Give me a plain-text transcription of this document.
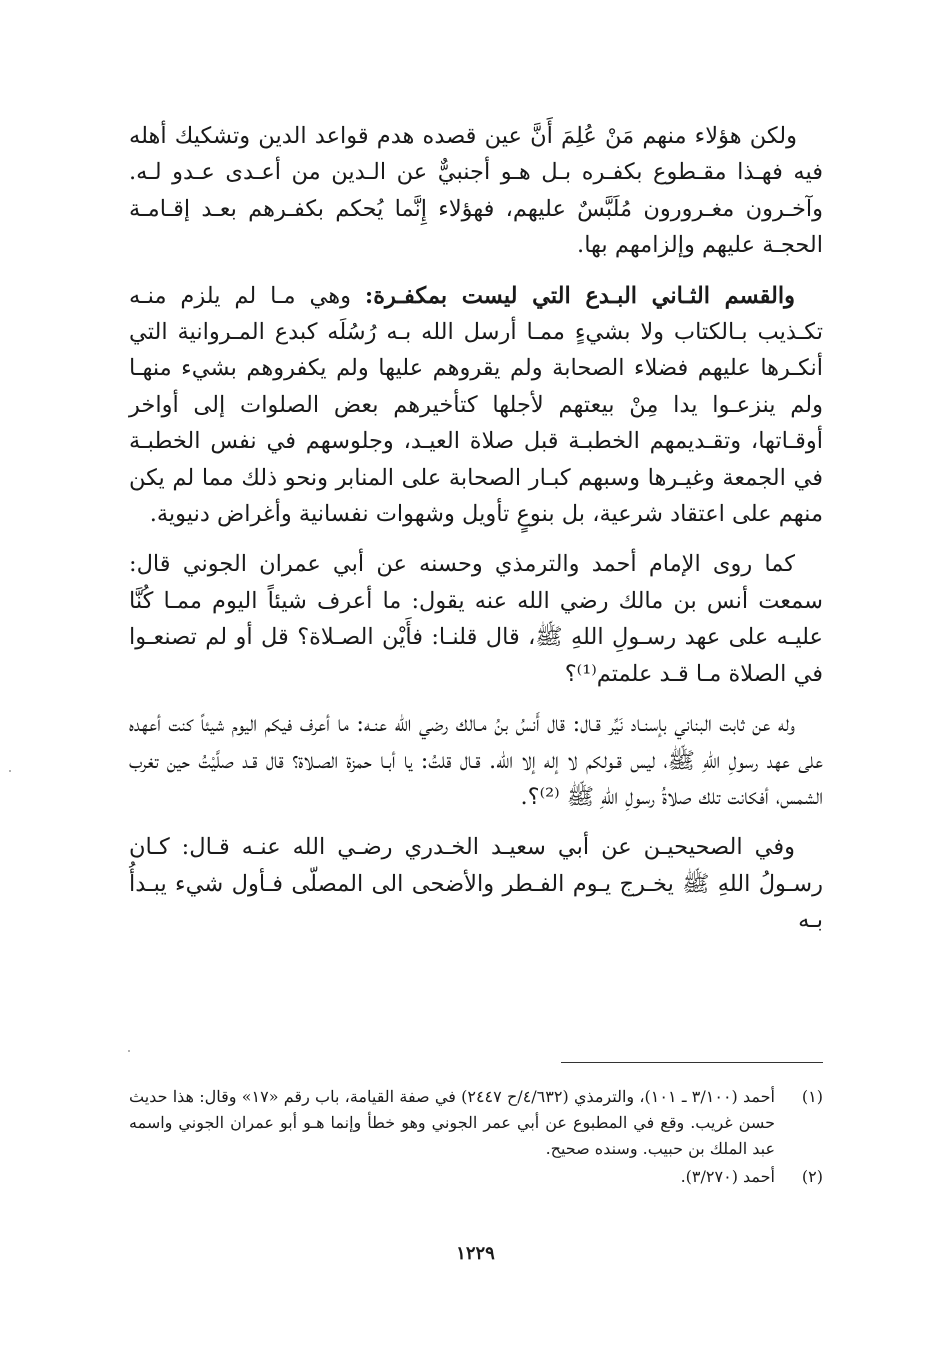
ولكن هؤلاء منهم مَنْ عُلِمَ أَنَّ عين قصده هدم قواعد الدين وتشكيك أهله فيه فهـذا مقـطوع بكفـره بـل هـو أجنبيٌّ عن الـدين من أعـدى عـدو لـه. وآخـرون مغـرورون مُلَبَّسٌ عليهم، فهؤلاء إِنَّما يُحكم بكفـرهم بعـد إقـامـة الحجـة عليهم وإلزامهم بها.

والقسم الثـاني البـدع التي ليست بمكفـرة: وهي مـا لم يلزم منـه تكـذيب بـالكتاب ولا بشيءٍ ممـا أرسل الله بـه رُسُلَه كبدع المـروانية التي أنكـرها عليهم فضلاء الصحابة ولم يقروهم عليها ولم يكفروهم بشيء منهـا ولم ينزعـوا يدا مِنْ بيعتهم لأجلها كتأخيرهم بعض الصلوات إلى أواخر أوقـاتها، وتقـديمهم الخطبـة قبل صلاة العيـد، وجلوسهم في نفس الخطبـة في الجمعة وغيـرها وسبهم كبـار الصحابة على المنابر ونحو ذلك مما لم يكن منهم على اعتقاد شرعية، بل بنوعٍ تأويل وشهوات نفسانية وأغراض دنيوية.

كما روى الإمام أحمد والترمذي وحسنه عن أبي عمران الجوني قال: سمعت أنس بن مالك رضي الله عنه يقول: ما أعرف شيئاً اليوم ممـا كُنَّا عليـه على عهد رسـولِ اللهِ ﷺ، قال قلنـا: فأَيْن الصـلاة؟ قل أو لم تصنعـوا في الصلاة مـا قـد علمتم⁽¹⁾؟

وله عن ثابت البناني بإسنـاد نَيِّر قـال: قال أَنسُ بنُ مـالك رضي الله عنـه: ما أعرف فيكم اليوم شيئاً كنت أعهده على عهد رسولِ اللهِ ﷺ، ليس قـولكم لا إله إلا الله. قـال قلتُ: يا أبـا حمزة الصـلاة؟ قال قـد صلَّيْتُ حين تغرب الشمس، أفكانت تلك صلاةُ رسولِ اللهِ ﷺ ⁽²⁾؟.

وفي الصحيحيـن عن أبي سعيـد الخـدري رضـي الله عنـه قـال: كـان رسـولُ اللهِ ﷺ يخـرج يـوم الفـطر والأضحى الى المصلّى فـأول شيء يبـدأُ بـه

(١)
أحمد (٣/١٠٠ ـ ١٠١)، والترمذي (٤/٦٣٢/ح ٢٤٤٧) في صفة القيامة، باب رقم «١٧» وقال: هذا حديث حسن غريب. وقع في المطبوع عن أبي عمر الجوني وهو خطأ وإنما هـو أبو عمران الجوني واسمه عبد الملك بن حبيب. وسنده صحيح.
(٢)
أحمد (٣/٢٧٠).
١٢٢٩
